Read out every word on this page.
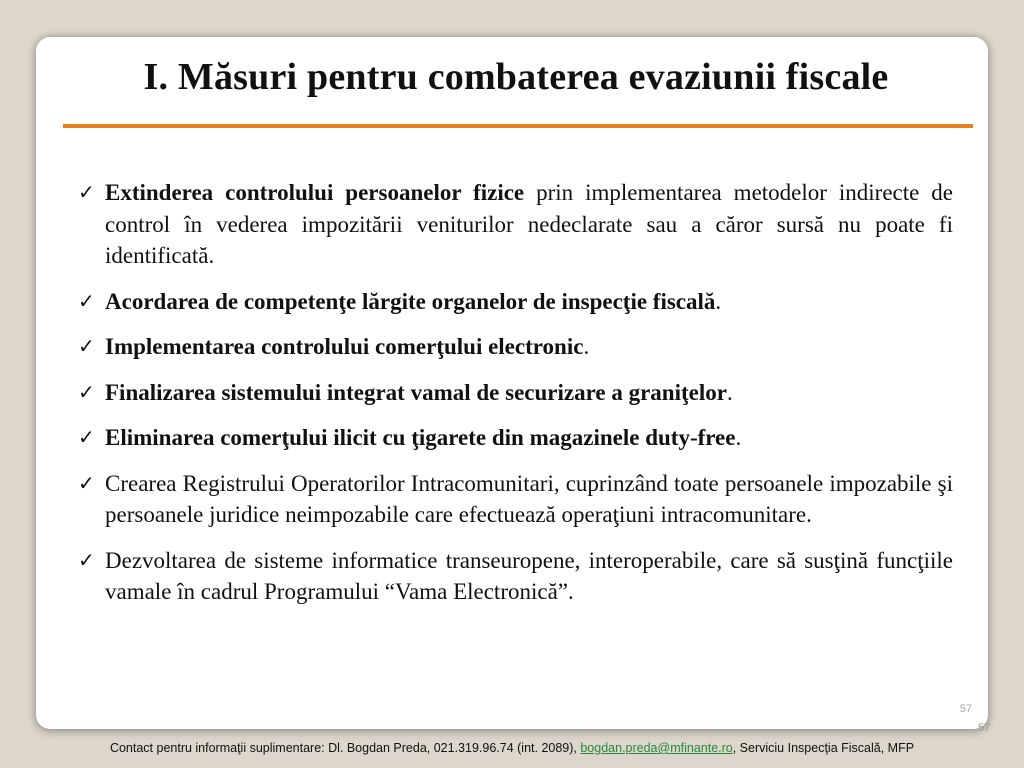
I. Măsuri pentru combaterea evaziunii fiscale
✓ Extinderea controlului persoanelor fizice prin implementarea metodelor indirecte de control în vederea impozitării veniturilor nedeclarate sau a căror sursă nu poate fi identificată.
✓ Acordarea de competenţe lărgite organelor de inspecţie fiscală.
✓ Implementarea controlului comerţului electronic.
✓ Finalizarea sistemului integrat vamal de securizare a graniţelor.
✓ Eliminarea comerţului ilicit cu ţigarete din magazinele duty-free.
✓ Crearea Registrului Operatorilor Intracomunitari, cuprinzând toate persoanele impozabile şi persoanele juridice neimpozabile care efectuează operaţiuni intracomunitare.
✓ Dezvoltarea de sisteme informatice transeuropene, interoperabile, care să susţină funcţiile vamale în cadrul Programului “Vama Electronică”.
57
57
Contact pentru informaţii suplimentare: Dl. Bogdan Preda, 021.319.96.74 (int. 2089), bogdan.preda@mfinante.ro, Serviciu Inspecţia Fiscală, MFP
